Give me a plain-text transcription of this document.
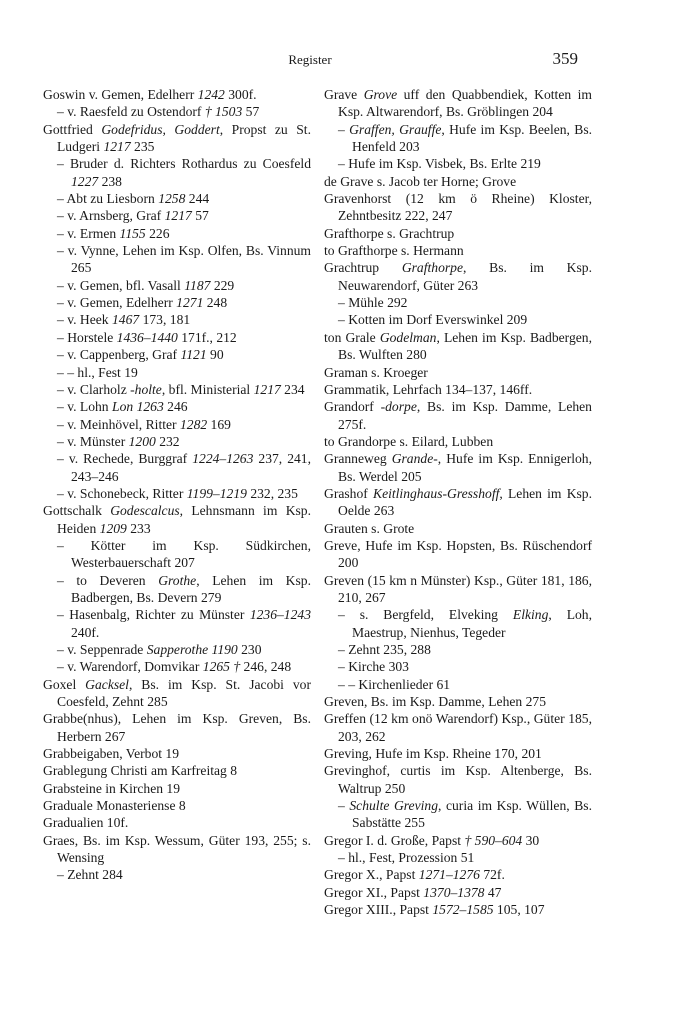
Register	359
Goswin v. Gemen, Edelherr 1242 300f.
– v. Raesfeld zu Ostendorf † 1503 57
Gottfried Godefridus, Goddert, Propst zu St. Ludgeri 1217 235
– Bruder d. Richters Rothardus zu Coesfeld 1227 238
– Abt zu Liesborn 1258 244
– v. Arnsberg, Graf 1217 57
– v. Ermen 1155 226
– v. Vynne, Lehen im Ksp. Olfen, Bs. Vinnum 265
– v. Gemen, bfl. Vasall 1187 229
– v. Gemen, Edelherr 1271 248
– v. Heek 1467 173, 181
– Horstele 1436–1440 171f., 212
– v. Cappenberg, Graf 1121 90
– – hl., Fest 19
– v. Clarholz -holte, bfl. Ministerial 1217 234
– v. Lohn Lon 1263 246
– v. Meinhövel, Ritter 1282 169
– v. Münster 1200 232
– v. Rechede, Burggraf 1224–1263 237, 241, 243–246
– v. Schonebeck, Ritter 1199–1219 232, 235
Gottschalk Godescalcus, Lehnsmann im Ksp. Heiden 1209 233
– Kötter im Ksp. Südkirchen, Westerbauerschaft 207
– to Deveren Grothe, Lehen im Ksp. Badbergen, Bs. Devern 279
– Hasenbalg, Richter zu Münster 1236–1243 240f.
– v. Seppenrade Sapperothe 1190 230
– v. Warendorf, Domvikar 1265 † 246, 248
Goxel Gacksel, Bs. im Ksp. St. Jacobi vor Coesfeld, Zehnt 285
Grabbe(nhus), Lehen im Ksp. Greven, Bs. Herbern 267
Grabbeigaben, Verbot 19
Grablegung Christi am Karfreitag 8
Grabsteine in Kirchen 19
Graduale Monasteriense 8
Gradualien 10f.
Graes, Bs. im Ksp. Wessum, Güter 193, 255; s. Wensing
– Zehnt 284
Grave Grove uff den Quabbendiek, Kotten im Ksp. Altwarendorf, Bs. Gröblingen 204
– Graffen, Grauffe, Hufe im Ksp. Beelen, Bs. Henfeld 203
– Hufe im Ksp. Visbek, Bs. Erlte 219
de Grave s. Jacob ter Horne; Grove
Gravenhorst (12 km ö Rheine) Kloster, Zehntbesitz 222, 247
Grafthorpe s. Grachtrup
to Grafthorpe s. Hermann
Grachtrup Grafthorpe, Bs. im Ksp. Neuwarendorf, Güter 263
– Mühle 292
– Kotten im Dorf Everswinkel 209
ton Grale Godelman, Lehen im Ksp. Badbergen, Bs. Wulften 280
Graman s. Kroeger
Grammatik, Lehrfach 134–137, 146ff.
Grandorf -dorpe, Bs. im Ksp. Damme, Lehen 275f.
to Grandorpe s. Eilard, Lubben
Granneweg Grande-, Hufe im Ksp. Ennigerloh, Bs. Werdel 205
Grashof Keitlinghaus-Gresshoff, Lehen im Ksp. Oelde 263
Grauten s. Grote
Greve, Hufe im Ksp. Hopsten, Bs. Rüschendorf 200
Greven (15 km n Münster) Ksp., Güter 181, 186, 210, 267
– s. Bergfeld, Elveking Elking, Loh, Maestrup, Nienhus, Tegeder
– Zehnt 235, 288
– Kirche 303
– – Kirchenlieder 61
Greven, Bs. im Ksp. Damme, Lehen 275
Greffen (12 km onö Warendorf) Ksp., Güter 185, 203, 262
Greving, Hufe im Ksp. Rheine 170, 201
Grevinghof, curtis im Ksp. Altenberge, Bs. Waltrup 250
– Schulte Greving, curia im Ksp. Wüllen, Bs. Sabstätte 255
Gregor I. d. Große, Papst † 590–604 30
– hl., Fest, Prozession 51
Gregor X., Papst 1271–1276 72f.
Gregor XI., Papst 1370–1378 47
Gregor XIII., Papst 1572–1585 105, 107
